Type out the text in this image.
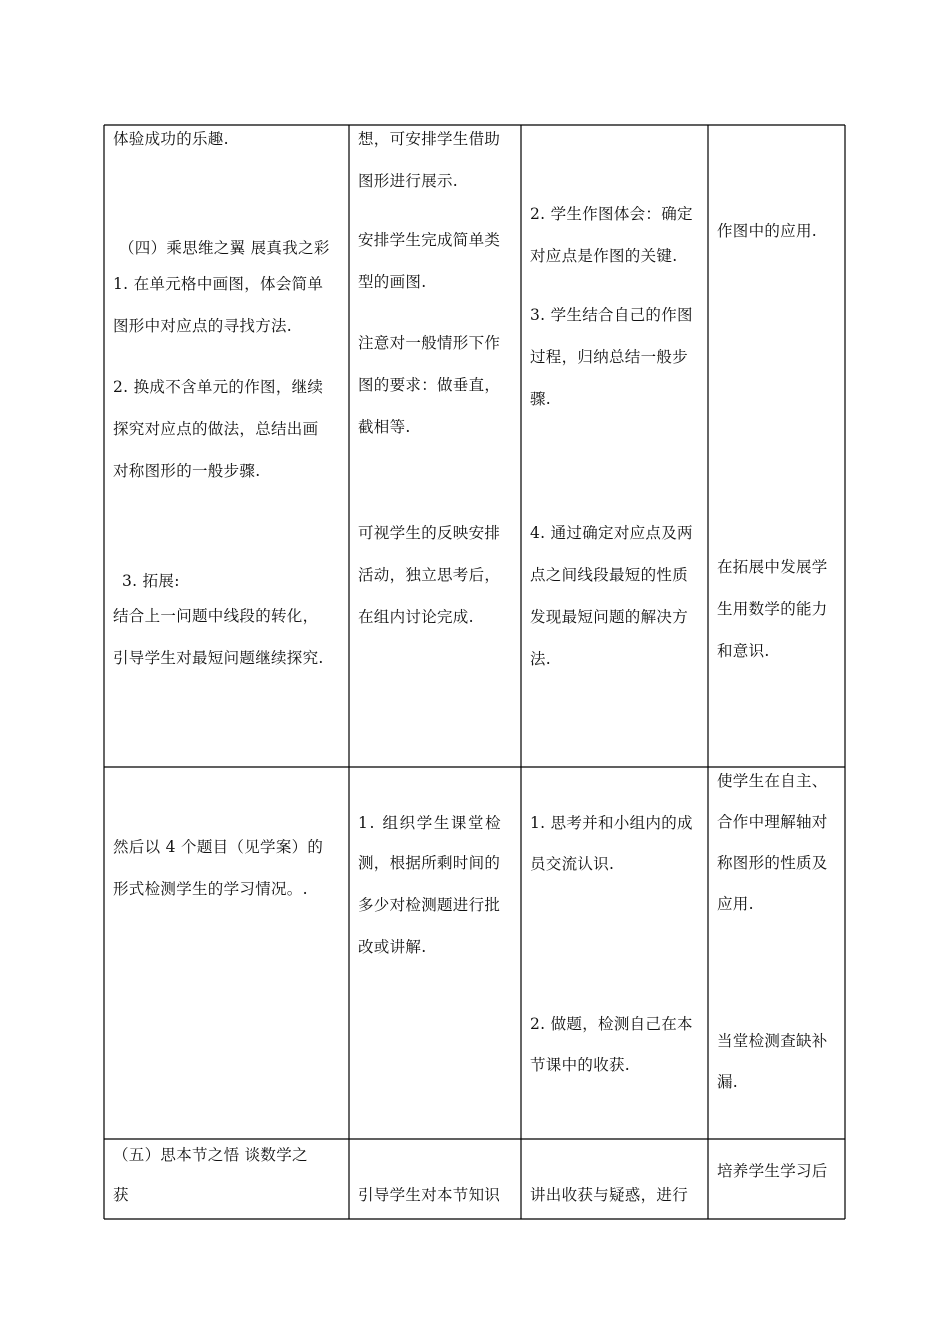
体验成功的乐趣.
（四）乘思维之翼 展真我之彩
1. 在单元格中画图，体会简单
图形中对应点的寻找方法.
2. 换成不含单元的作图，继续
探究对应点的做法，总结出画
对称图形的一般步骤.
3. 拓展:
结合上一问题中线段的转化，
引导学生对最短问题继续探究.
想，可安排学生借助
图形进行展示.
安排学生完成简单类
型的画图.
注意对一般情形下作
图的要求：做垂直，
截相等.
可视学生的反映安排
活动，独立思考后，
在组内讨论完成.
2. 学生作图体会：确定
对应点是作图的关键.
3. 学生结合自己的作图
过程，归纳总结一般步
骤.
4. 通过确定对应点及两
点之间线段最短的性质
发现最短问题的解决方
法.
作图中的应用.
在拓展中发展学
生用数学的能力
和意识.
然后以 4 个题目（见学案）的
形式检测学生的学习情况。.
1. 组织学生课堂检
测，根据所剩时间的
多少对检测题进行批
改或讲解.
1. 思考并和小组内的成
员交流认识.
2. 做题，检测自己在本
节课中的收获.
使学生在自主、
合作中理解轴对
称图形的性质及
应用.
当堂检测查缺补
漏.
（五）思本节之悟 谈数学之
获	引导学生对本节知识 讲出收获与疑惑，进行
培养学生学习后
